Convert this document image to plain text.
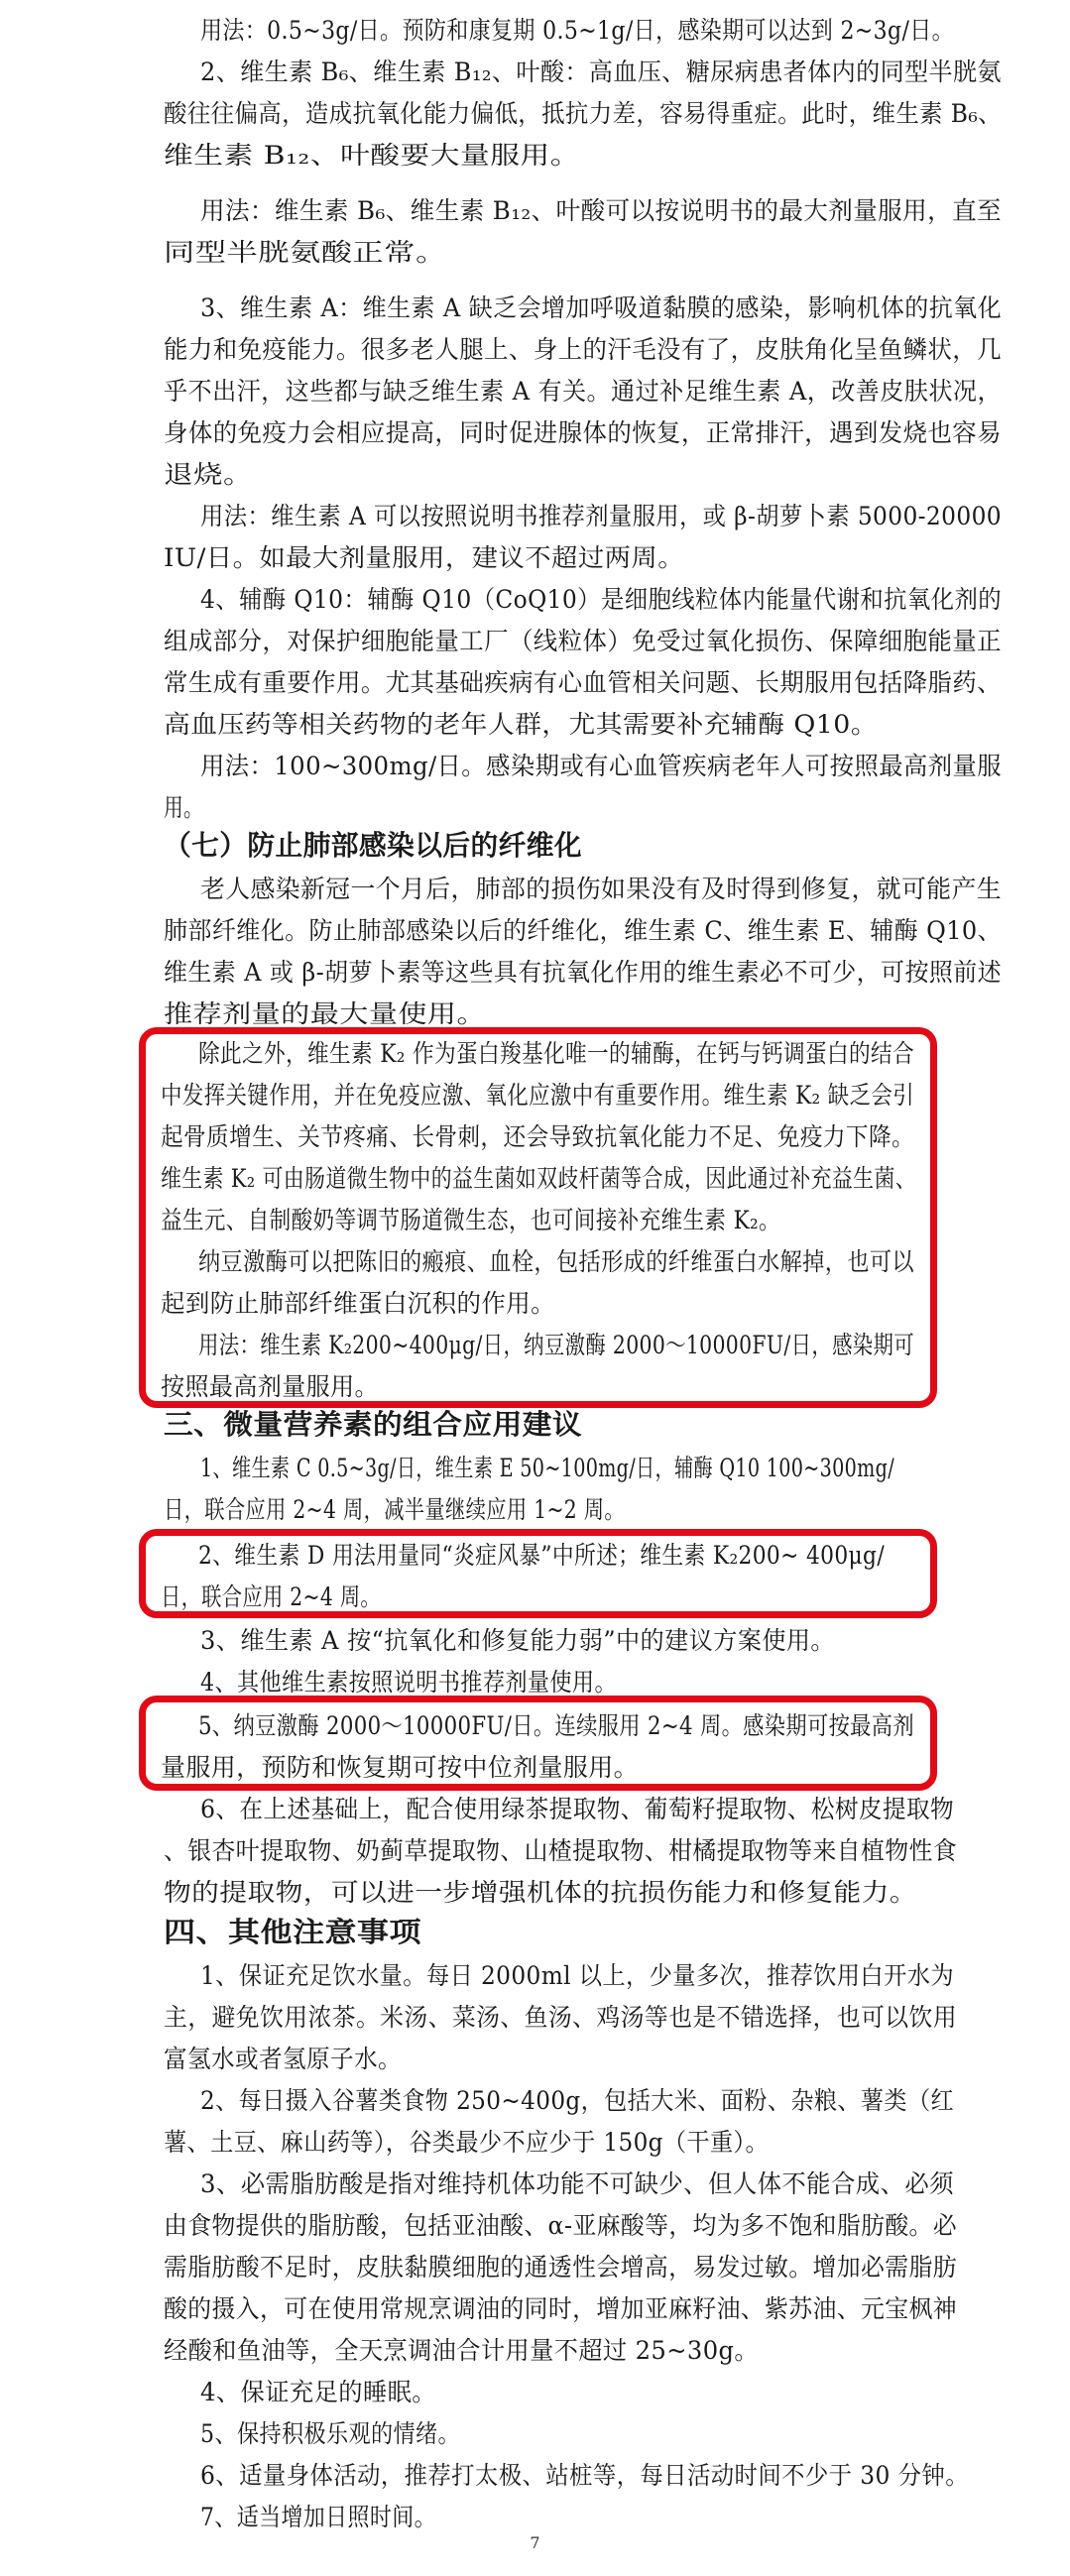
用法：0.5~3g/日。预防和康复期 0.5~1g/日，感染期可以达到 2~3g/日。
2、维生素 B₆、维生素 B₁₂、叶酸：高血压、糖尿病患者体内的同型半胱氨
酸往往偏高，造成抗氧化能力偏低，抵抗力差，容易得重症。此时，维生素 B₆、
维生素 B₁₂、叶酸要大量服用。
用法：维生素 B₆、维生素 B₁₂、叶酸可以按说明书的最大剂量服用，直至
同型半胱氨酸正常。
3、维生素 A：维生素 A 缺乏会增加呼吸道黏膜的感染，影响机体的抗氧化
能力和免疫能力。很多老人腿上、身上的汗毛没有了，皮肤角化呈鱼鳞状，几
乎不出汗，这些都与缺乏维生素 A 有关。通过补足维生素 A，改善皮肤状况，
身体的免疫力会相应提高，同时促进腺体的恢复，正常排汗，遇到发烧也容易
退烧。
用法：维生素 A 可以按照说明书推荐剂量服用，或 β-胡萝卜素 5000-20000
IU/日。如最大剂量服用，建议不超过两周。
4、辅酶 Q10：辅酶 Q10（CoQ10）是细胞线粒体内能量代谢和抗氧化剂的
组成部分，对保护细胞能量工厂（线粒体）免受过氧化损伤、保障细胞能量正
常生成有重要作用。尤其基础疾病有心血管相关问题、长期服用包括降脂药、
高血压药等相关药物的老年人群，尤其需要补充辅酶 Q10。
用法：100~300mg/日。感染期或有心血管疾病老年人可按照最高剂量服
用。
（七）防止肺部感染以后的纤维化
老人感染新冠一个月后，肺部的损伤如果没有及时得到修复，就可能产生
肺部纤维化。防止肺部感染以后的纤维化，维生素 C、维生素 E、辅酶 Q10、
维生素 A 或 β-胡萝卜素等这些具有抗氧化作用的维生素必不可少，可按照前述
推荐剂量的最大量使用。
除此之外，维生素 K₂ 作为蛋白羧基化唯一的辅酶，在钙与钙调蛋白的结合
中发挥关键作用，并在免疫应激、氧化应激中有重要作用。维生素 K₂ 缺乏会引
起骨质增生、关节疼痛、长骨刺，还会导致抗氧化能力不足、免疫力下降。
维生素 K₂ 可由肠道微生物中的益生菌如双歧杆菌等合成，因此通过补充益生菌、
益生元、自制酸奶等调节肠道微生态，也可间接补充维生素 K₂。
纳豆激酶可以把陈旧的瘢痕、血栓，包括形成的纤维蛋白水解掉，也可以
起到防止肺部纤维蛋白沉积的作用。
用法：维生素 K₂200~400μg/日，纳豆激酶 2000～10000FU/日，感染期可
按照最高剂量服用。
三、微量营养素的组合应用建议
1、维生素 C 0.5~3g/日，维生素 E 50~100mg/日，辅酶 Q10 100~300mg/
日，联合应用 2~4 周，减半量继续应用 1~2 周。
2、维生素 D 用法用量同“炎症风暴”中所述；维生素 K₂200~ 400μg/
日，联合应用 2~4 周。
3、维生素 A 按“抗氧化和修复能力弱”中的建议方案使用。
4、其他维生素按照说明书推荐剂量使用。
5、纳豆激酶 2000～10000FU/日。连续服用 2~4 周。感染期可按最高剂
量服用，预防和恢复期可按中位剂量服用。
6、在上述基础上，配合使用绿茶提取物、葡萄籽提取物、松树皮提取物
、银杏叶提取物、奶蓟草提取物、山楂提取物、柑橘提取物等来自植物性食
物的提取物，可以进一步增强机体的抗损伤能力和修复能力。
四、其他注意事项
1、保证充足饮水量。每日 2000ml 以上，少量多次，推荐饮用白开水为
主，避免饮用浓茶。米汤、菜汤、鱼汤、鸡汤等也是不错选择，也可以饮用
富氢水或者氢原子水。
2、每日摄入谷薯类食物 250~400g，包括大米、面粉、杂粮、薯类（红
薯、土豆、麻山药等），谷类最少不应少于 150g（干重）。
3、必需脂肪酸是指对维持机体功能不可缺少、但人体不能合成、必须
由食物提供的脂肪酸，包括亚油酸、α-亚麻酸等，均为多不饱和脂肪酸。必
需脂肪酸不足时，皮肤黏膜细胞的通透性会增高，易发过敏。增加必需脂肪
酸的摄入，可在使用常规烹调油的同时，增加亚麻籽油、紫苏油、元宝枫神
经酸和鱼油等，全天烹调油合计用量不超过 25~30g。
4、保证充足的睡眠。
5、保持积极乐观的情绪。
6、适量身体活动，推荐打太极、站桩等，每日活动时间不少于 30 分钟。
7、适当增加日照时间。
7
